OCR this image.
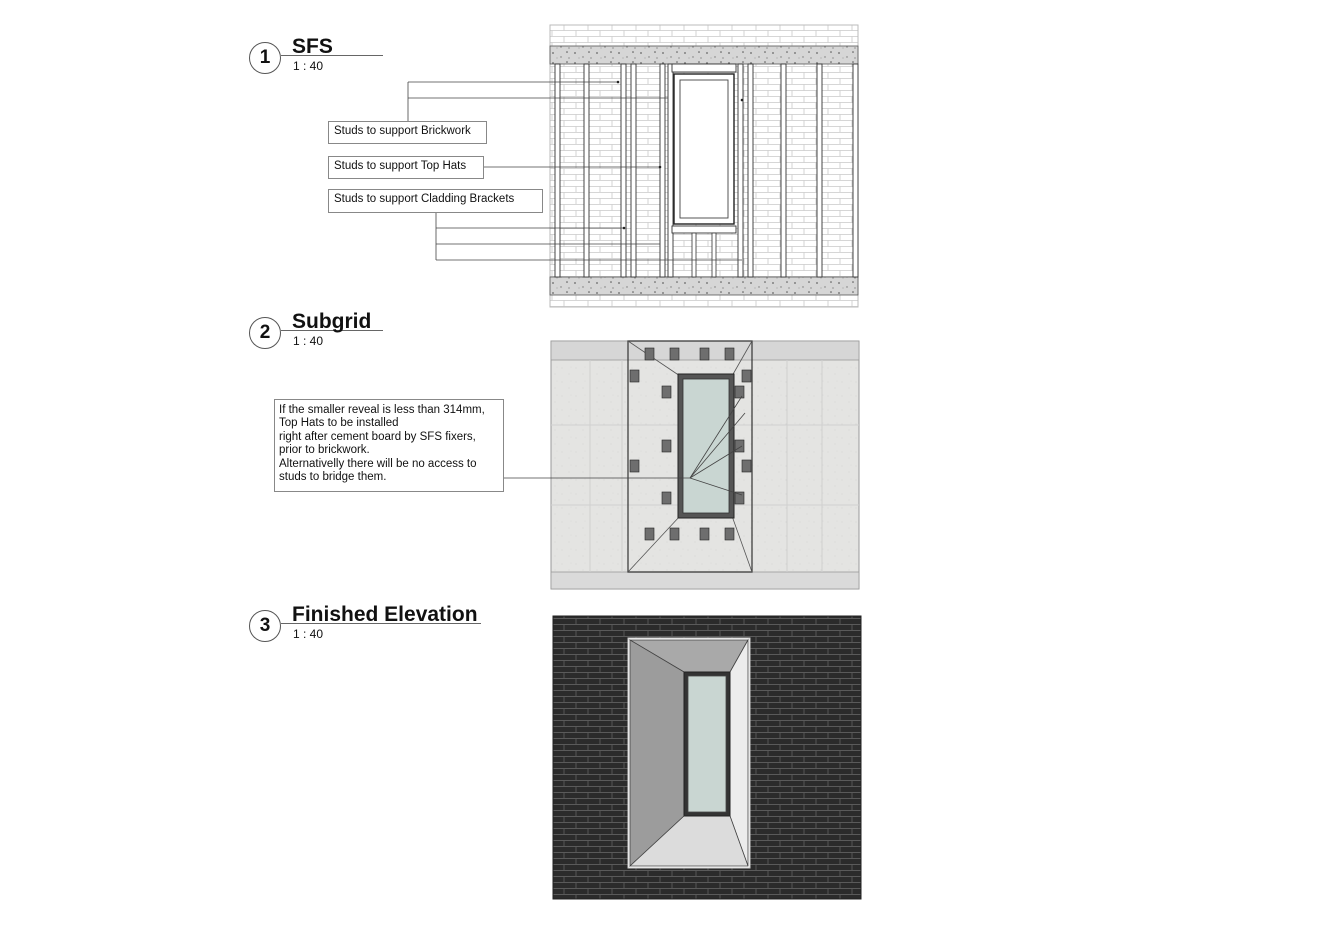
1	SFS
1 : 40
2	Subgrid
1 : 40
3	Finished Elevation
1 : 40
Studs to support Brickwork
Studs to support Top Hats
Studs to support Cladding Brackets
If the smaller reveal is less than 314mm,
Top Hats to be installed
right after cement board by SFS fixers,
prior to brickwork.
Alternativelly there will be no access to
studs to bridge them.
